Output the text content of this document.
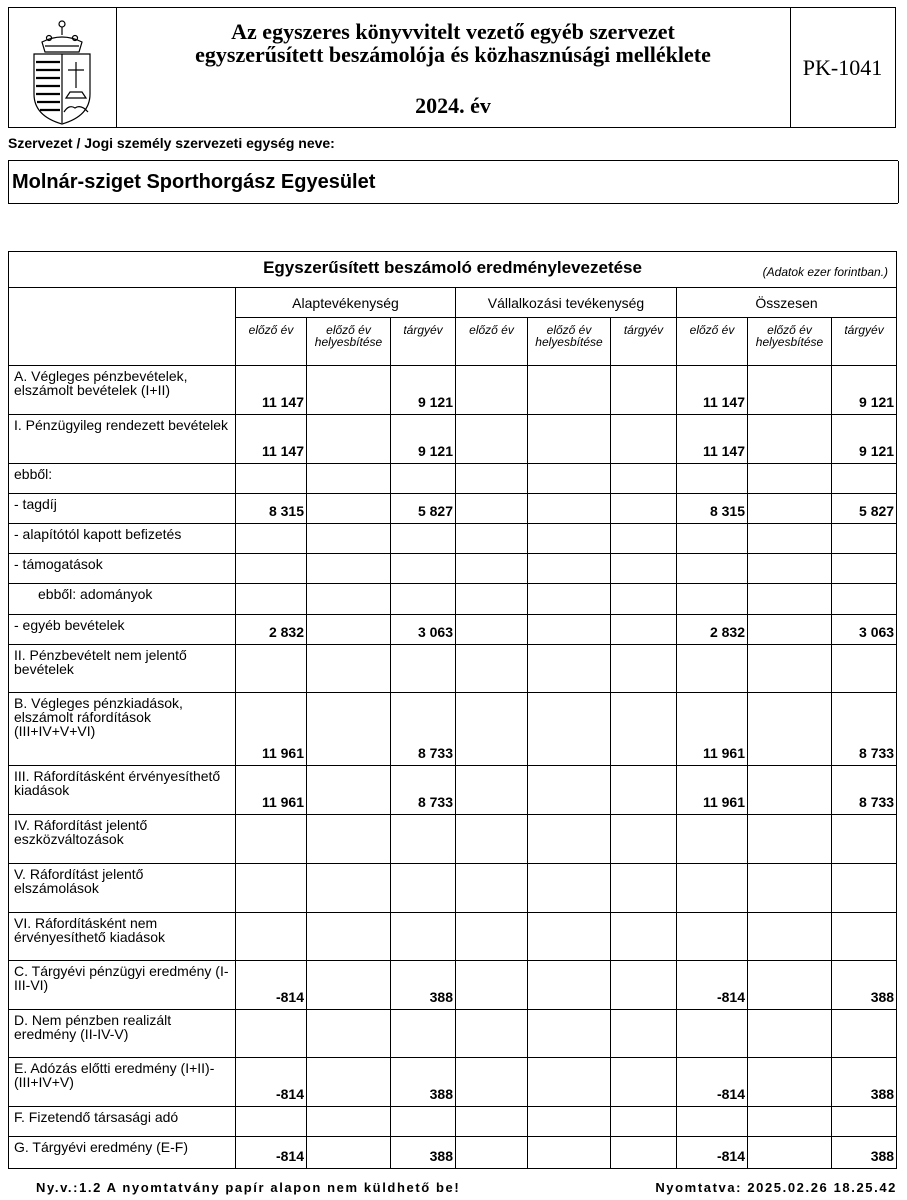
Az egyszeres könyvvitelt vezető egyéb szervezet
egyszerűsített beszámolója és közhasznúsági melléklete
2024. év
PK-1041
Szervezet / Jogi személy szervezeti egység neve:
Molnár-sziget Sporthorgász Egyesület
Egyszerűsített beszámoló eredménylevezetése (Adatok ezer forintban.)									

	Alaptevékenység			Vállalkozási tevékenység			Összesen		
	előző év	előző év helyesbítése	tárgyév	előző év	előző év helyesbítése	tárgyév	előző év	előző év helyesbítése	tárgyév
A. Végleges pénzbevételek, elszámolt bevételek (I+II)	11 147		9 121				11 147		9 121
I. Pénzügyileg rendezett bevételek	11 147		9 121				11 147		9 121
ebből:									
- tagdíj	8 315		5 827				8 315		5 827
- alapítótól kapott befizetés									
- támogatások									
ebből: adományok									
- egyéb bevételek	2 832		3 063				2 832		3 063
II. Pénzbevételt nem jelentő bevételek									
B. Végleges pénzkiadások, elszámolt ráfordítások (III+IV+V+VI)	11 961		8 733				11 961		8 733
III. Ráfordításként érvényesíthető kiadások	11 961		8 733				11 961		8 733
IV. Ráfordítást jelentő eszközváltozások									
V. Ráfordítást jelentő elszámolások									
VI. Ráfordításként nem érvényesíthető kiadások									
C. Tárgyévi pénzügyi eredmény (I-III-VI)	-814		388				-814		388
D. Nem pénzben realizált eredmény (II-IV-V)									
E. Adózás előtti eredmény (I+II)-(III+IV+V)	-814		388				-814		388
F. Fizetendő társasági adó									
G. Tárgyévi eredmény (E-F)	-814		388				-814		388
Ny.v.:1.2 A nyomtatvány papír alapon nem küldhető be!	Nyomtatva: 2025.02.26 18.25.42
